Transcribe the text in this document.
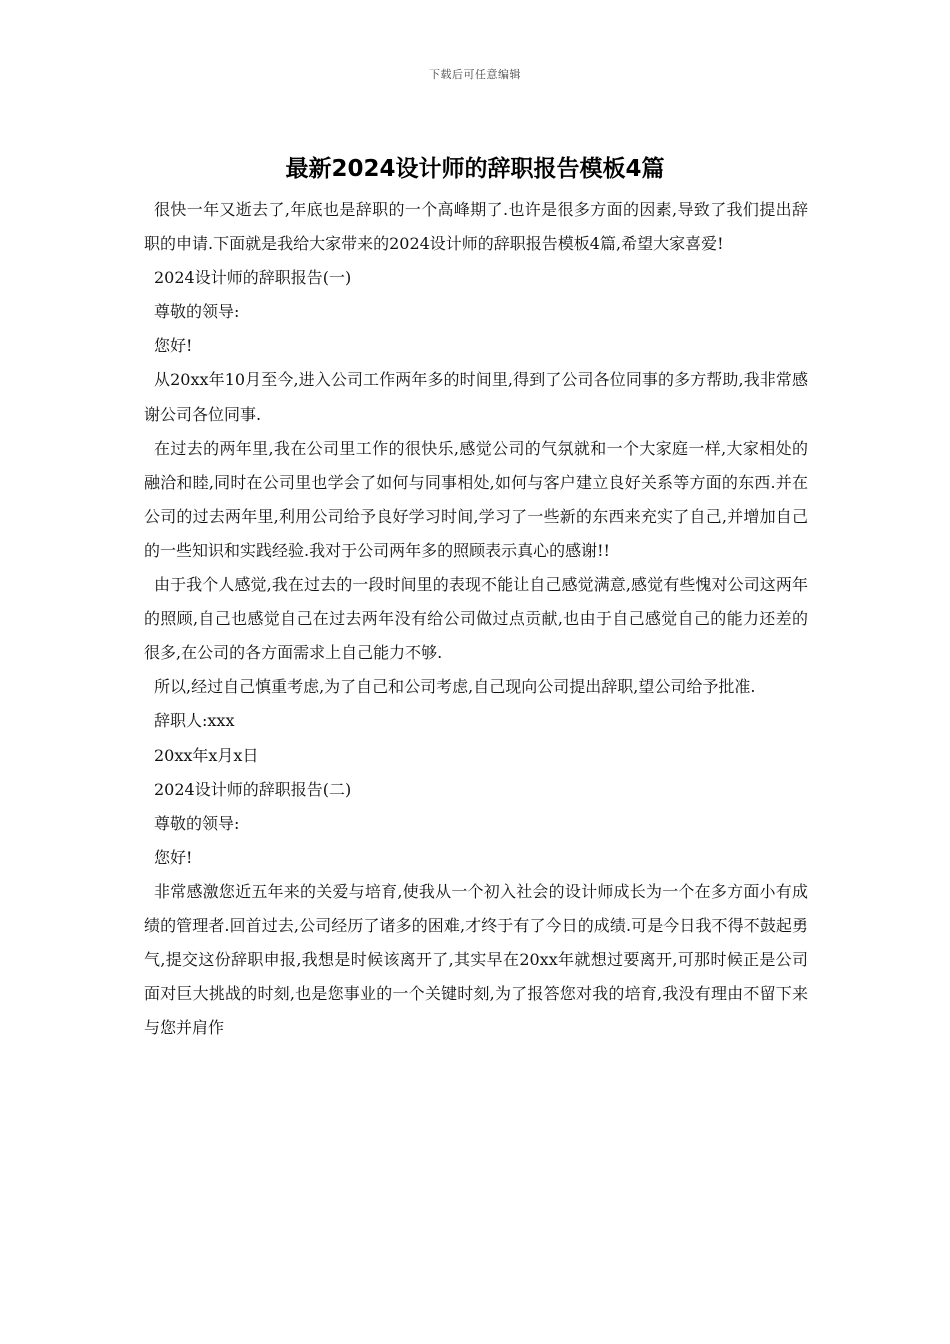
下载后可任意编辑
最新2024设计师的辞职报告模板4篇

很快一年又逝去了,年底也是辞职的一个高峰期了.也许是很多方面的因素,导致了我们提出辞职的申请.下面就是我给大家带来的2024设计师的辞职报告模板4篇,希望大家喜爱!

2024设计师的辞职报告(一)

尊敬的领导:

您好!

从20xx年10月至今,进入公司工作两年多的时间里,得到了公司各位同事的多方帮助,我非常感谢公司各位同事.

在过去的两年里,我在公司里工作的很快乐,感觉公司的气氛就和一个大家庭一样,大家相处的融洽和睦,同时在公司里也学会了如何与同事相处,如何与客户建立良好关系等方面的东西.并在公司的过去两年里,利用公司给予良好学习时间,学习了一些新的东西来充实了自己,并增加自己的一些知识和实践经验.我对于公司两年多的照顾表示真心的感谢!!

由于我个人感觉,我在过去的一段时间里的表现不能让自己感觉满意,感觉有些愧对公司这两年的照顾,自己也感觉自己在过去两年没有给公司做过点贡献,也由于自己感觉自己的能力还差的很多,在公司的各方面需求上自己能力不够.

所以,经过自己慎重考虑,为了自己和公司考虑,自己现向公司提出辞职,望公司给予批准.

辞职人:xxx

20xx年x月x日

2024设计师的辞职报告(二)

尊敬的领导:

您好!

非常感激您近五年来的关爱与培育,使我从一个初入社会的设计师成长为一个在多方面小有成绩的管理者.回首过去,公司经历了诸多的困难,才终于有了今日的成绩.可是今日我不得不鼓起勇气,提交这份辞职申报,我想是时候该离开了,其实早在20xx年就想过要离开,可那时候正是公司面对巨大挑战的时刻,也是您事业的一个关键时刻,为了报答您对我的培育,我没有理由不留下来与您并肩作
